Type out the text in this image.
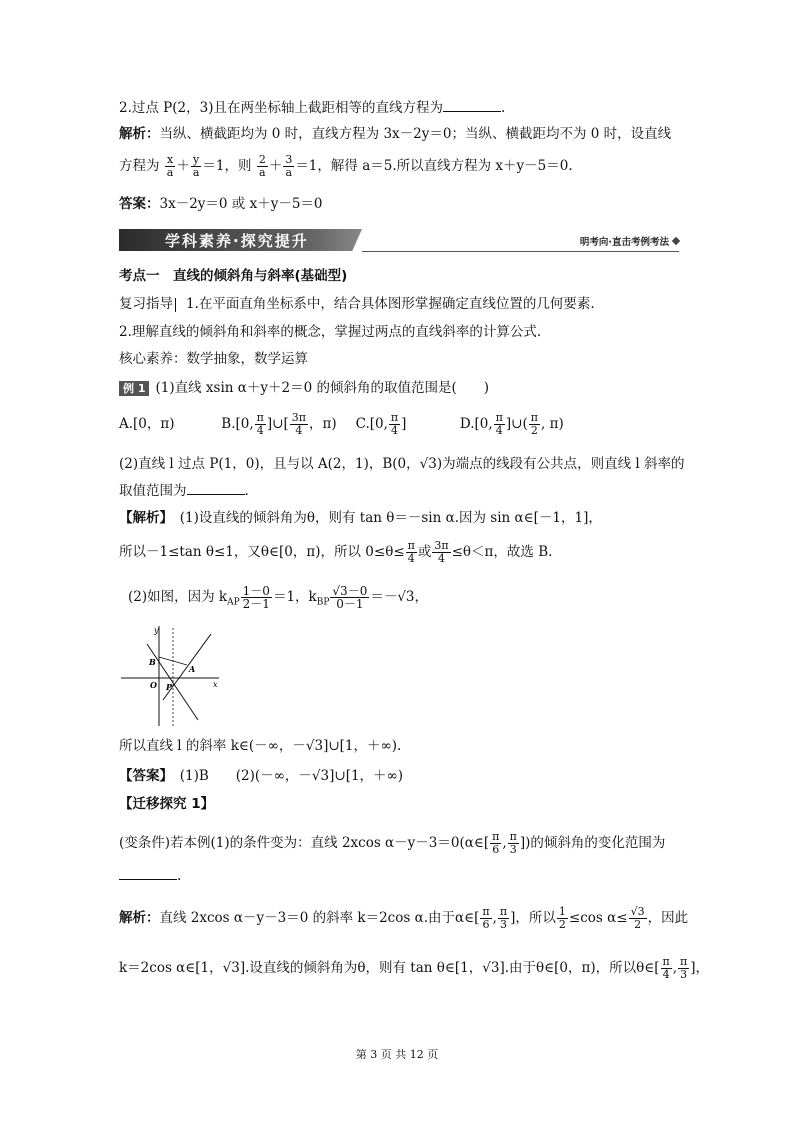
2.过点 P(2，3)且在两坐标轴上截距相等的直线方程为	.
解析：当纵、横截距均为 0 时，直线方程为 3x－2y＝0；当纵、横截距均不为 0 时，设直线
方程为 $\frac{x}{a} + \frac{y}{a} =1$，则 $\frac{2}{a} + \frac{3}{a} =1$，解得 a＝5.所以直线方程为 x＋y－5＝0.
答案：3x－2y＝0 或 x＋y－5＝0
学科素养·探究提升	明考向·直击考例考法
考点一　直线的倾斜角与斜率(基础型)
复习指导 1.在平面直角坐标系中，结合具体图形掌握确定直线位置的几何要素.
2.理解直线的倾斜角和斜率的概念，掌握过两点的直线斜率的计算公式.
核心素养：数学抽象，数学运算
例 1 (1)直线 xsin α＋y＋2＝0 的倾斜角的取值范围是(　　)
A.[0，π)	B.[0, $\frac{\pi}{4}$ ]∪[ $\frac{3\pi}{4}$ ，π) C.[0, $\frac{\pi}{4}$ ]	D.[0, $\frac{\pi}{4}$ ]∪( $\frac{\pi}{2}$ , π)
(2)直线 l 过点 P(1，0)，且与以 A(2，1)，B(0，√3)为端点的线段有公共点，则直线 l 斜率的
取值范围为	.
【解析】　 (1)设直线的倾斜角为θ，则有 tan θ＝－sin α.因为 sin α∈[－1，1]，
所以－1≤tan θ≤1，又θ∈[0，π)，所以 $0\le\theta\le \frac{\pi}{4}$ 或 $\frac{3\pi}{4} \le\theta<\pi$，故选 B.
(2)如图，因为 $k_{AP} \frac{1-0}{2-1} =1$，$k_{BP} \frac{√3-0}{0-1} =-√3$，
x
y
B
A
O P
所以直线 l 的斜率 k∈(－∞，－√3]∪[1，＋∞).
【答案】　 (1)B　　(2)(－∞，－√3]∪[1，＋∞)
【迁移探究 1】
(变条件)若本例(1)的条件变为：直线 2xcos α－y－3＝0(α∈[ $\frac{\pi}{6}$ , $\frac{\pi}{3}$ ])的倾斜角的变化范围为
.
解析：直线 2xcos α－y－3＝0 的斜率 k＝2cos α.由于α∈[ $\frac{\pi}{6}$ , $\frac{\pi}{3}$ ]，所以 $\frac{1}{2} \le\cos$ $\alpha\le \frac{√3}{2}$ ，因此
k＝2cos α∈[1，√3].设直线的倾斜角为θ，则有 tan θ∈[1，√3].由于θ∈[0，π)，所以θ∈[ $\frac{\pi}{4}$ , $\frac{\pi}{3}$ ]，
第 3 页 共 12 页
